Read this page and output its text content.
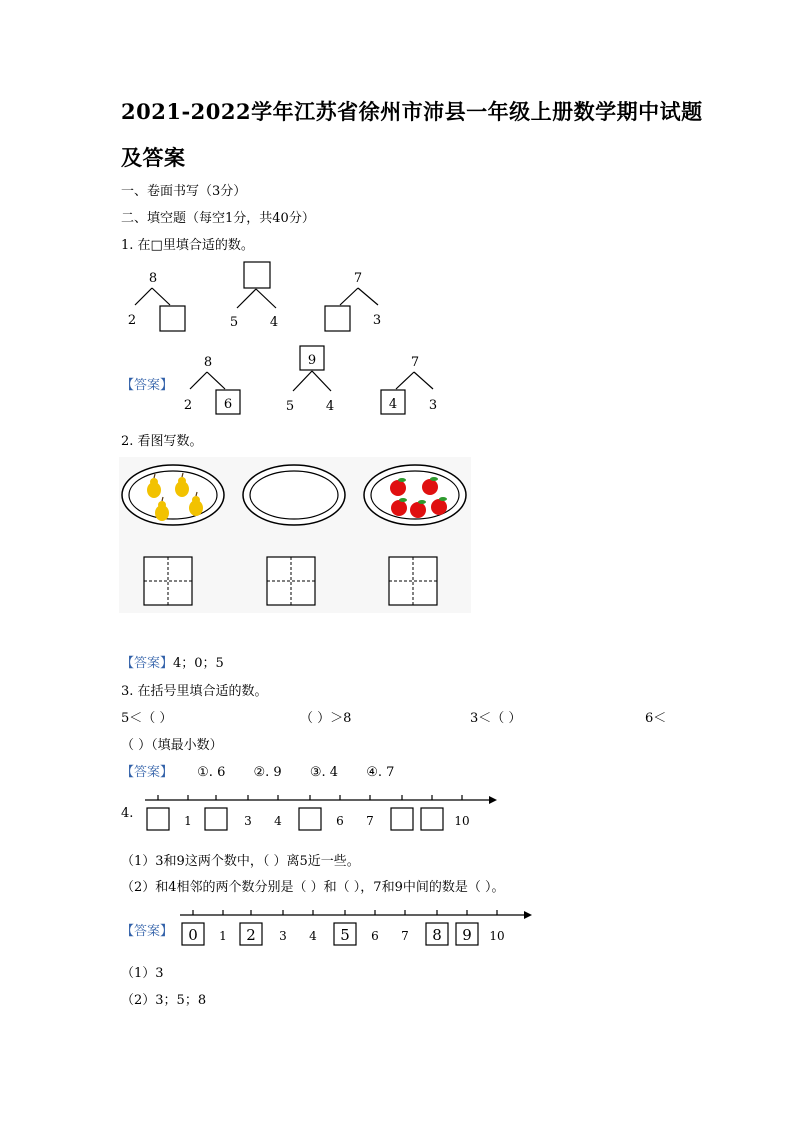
2021-2022学年江苏省徐州市沛县一年级上册数学期中试题
及答案
一、卷面书写（3分）
二、填空题（每空1分，共40分）
1. 在□里填合适的数。
8
2	5 4
7
3
【答案】
8
2 6
9
5 4
7
4 3
2. 看图写数。
【答案】4；0；5
3. 在括号里填合适的数。
5＜（ ）	（ ）＞8	3＜（ ）	6＜
（ ）（填最小数）
【答案】 ①. 6 ②. 9 ③. 4 ④. 7
4.	1	3 4	6 7	10
（1）3和9这两个数中，（ ）离5近一些。
（2）和4相邻的两个数分别是（ ）和（ ），7和9中间的数是（ ）。
【答案】 0 1 2 3 4 5 6 7 8 9 10
（1）3
（2）3；5；8
